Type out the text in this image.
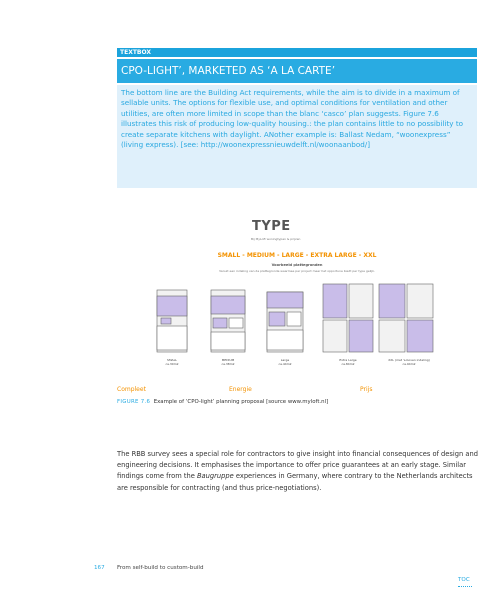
TEXTBOX
CPO-LIGHT’, MARKETED AS ‘A LA CARTE’
The bottom line are the Building Act requirements, while the aim is to divide in a maximum of sellable units. The options for flexible use, and optimal conditions for ventilation and other utilities, are often more limited in scope than the blanc ‘casco’ plan suggests. Figure 7.6 illustrates this risk of producing low-quality housing.: the plan contains little to no possibility to create separate kitchens with daylight. ANother example is: Ballast Nedam, “woonexpress” (living express). [see: http://woonexpressnieuwdelft.nl/woonaanbod/]
TYPE
Bij MyLoft woningtypen & prijzen
SMALL - MEDIUM - LARGE - EXTRA LARGE - XXL
Voorbeeld plattegronden
Vanuit een indeling van de plattegronde waarmee per project meer het opportune biedt per type gelijk.
SMALL
ca.30m2
MEDIUM
ca.38m2
Large
ca.44m2
Extra Large
ca.84m2
XXL (met 's-boven indeling)
ca.94m2
Compleet	Energie	Prijs
FIGURE 7.6 Example of ‘CPO-light’ planning proposal [source www.myloft.nl]
The RBB survey sees a special role for contractors to give insight into financial consequences of design and engineering decisions. It emphasises the importance to offer price guarantees at an early stage. Similar findings come from the Baugruppe experiences in Germany, where contrary to the Netherlands architects are responsible for contracting (and thus price-negotiations).
167 From self-build to custom-build
TOC
